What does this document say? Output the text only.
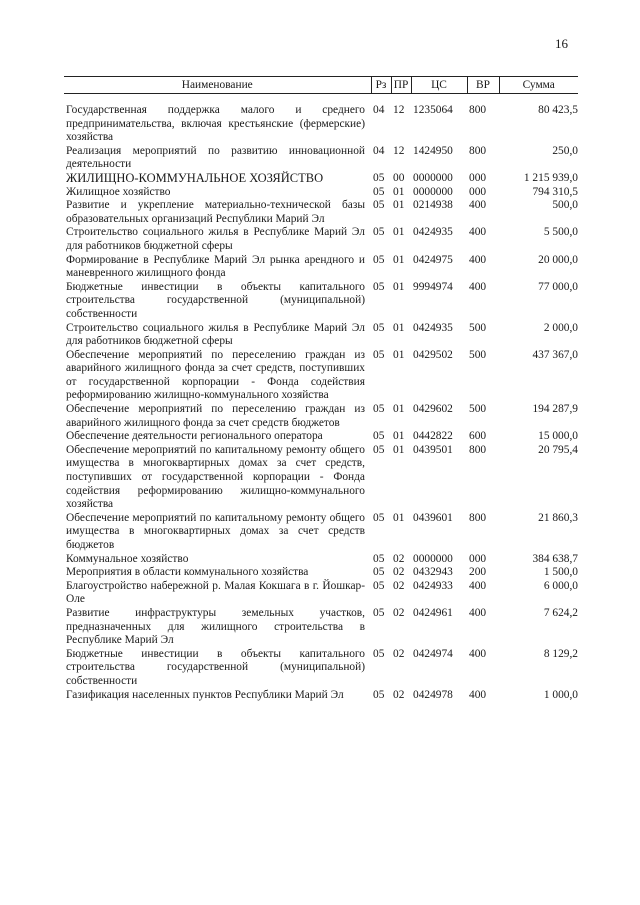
16
Наименование	Рз	ПР	ЦС	ВР	Сумма
Государственная поддержка малого и среднего предпринимательства, включая крестьянские (фермерские) хозяйства	04	12	1235064	800	80 423,5
Реализация мероприятий по развитию инновационной деятельности	04	12	1424950	800	250,0
ЖИЛИЩНО-КОММУНАЛЬНОЕ ХОЗЯЙСТВО	05	00	0000000	000	1 215 939,0
Жилищное хозяйство	05	01	0000000	000	794 310,5
Развитие и укрепление материально-технической базы образовательных организаций Республики Марий Эл	05	01	0214938	400	500,0
Строительство социального жилья в Республике Марий Эл для работников бюджетной сферы	05	01	0424935	400	5 500,0
Формирование в Республике Марий Эл рынка арендного и маневренного жилищного фонда	05	01	0424975	400	20 000,0
Бюджетные инвестиции в объекты капитального строительства государственной (муниципальной) собственности	05	01	9994974	400	77 000,0
Строительство социального жилья в Республике Марий Эл для работников бюджетной сферы	05	01	0424935	500	2 000,0
Обеспечение мероприятий по переселению граждан из аварийного жилищного фонда за счет средств, поступивших от государственной корпорации - Фонда содействия реформированию жилищно-коммунального хозяйства	05	01	0429502	500	437 367,0
Обеспечение мероприятий по переселению граждан из аварийного жилищного фонда за счет средств бюджетов	05	01	0429602	500	194 287,9
Обеспечение деятельности регионального оператора	05	01	0442822	600	15 000,0
Обеспечение мероприятий по капитальному ремонту общего имущества в многоквартирных домах за счет средств, поступивших от государственной корпорации - Фонда содействия реформированию жилищно-коммунального хозяйства	05	01	0439501	800	20 795,4
Обеспечение мероприятий по капитальному ремонту общего имущества в многоквартирных домах за счет средств бюджетов	05	01	0439601	800	21 860,3
Коммунальное хозяйство	05	02	0000000	000	384 638,7
Мероприятия в области коммунального хозяйства	05	02	0432943	200	1 500,0
Благоустройство набережной р. Малая Кокшага в г. Йошкар-Оле	05	02	0424933	400	6 000,0
Развитие инфраструктуры земельных участков, предназначенных для жилищного строительства в Республике Марий Эл	05	02	0424961	400	7 624,2
Бюджетные инвестиции в объекты капитального строительства государственной (муниципальной) собственности	05	02	0424974	400	8 129,2
Газификация населенных пунктов Республики Марий Эл	05	02	0424978	400	1 000,0
